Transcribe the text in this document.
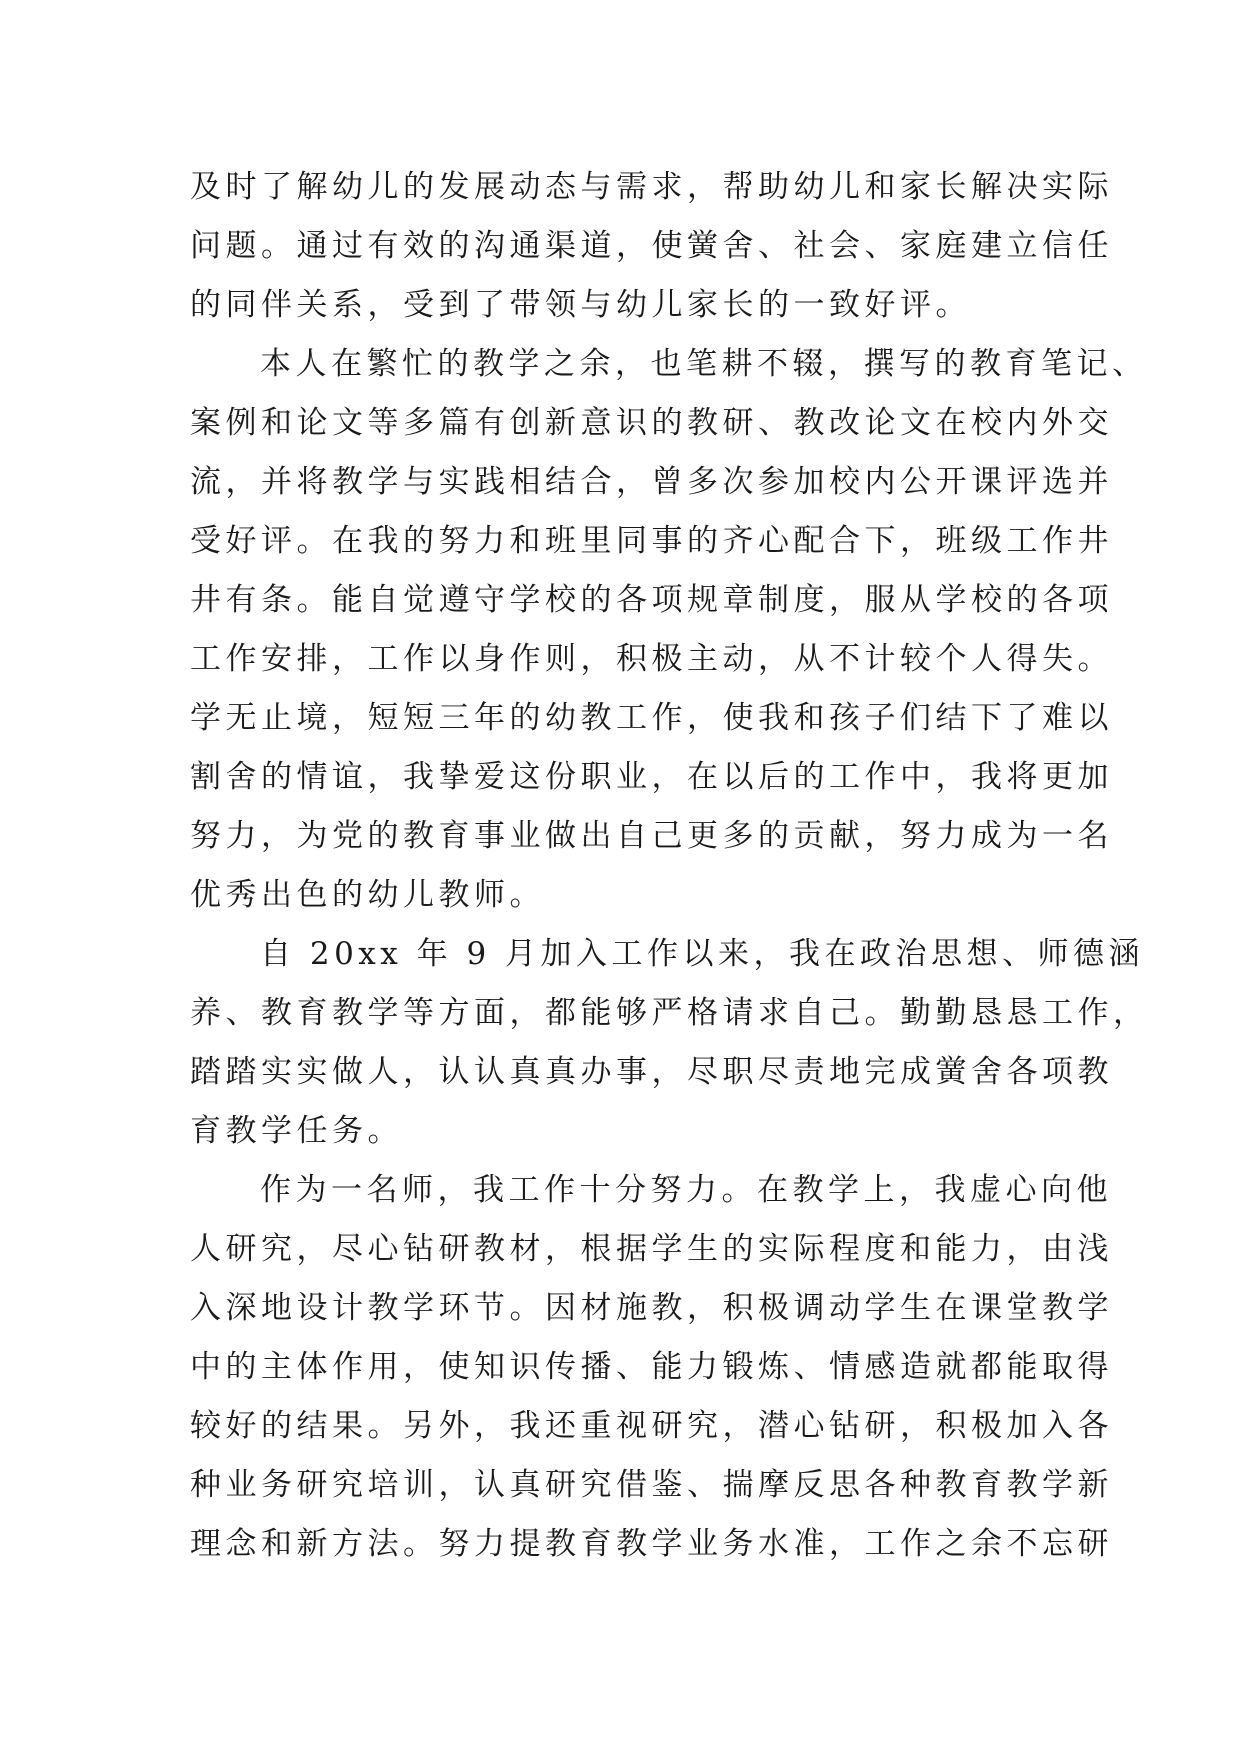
及时了解幼儿的发展动态与需求，帮助幼儿和家长解决实际
问题。通过有效的沟通渠道，使黉舍、社会、家庭建立信任
的同伴关系，受到了带领与幼儿家长的一致好评。
本人在繁忙的教学之余，也笔耕不辍，撰写的教育笔记、
案例和论文等多篇有创新意识的教研、教改论文在校内外交
流，并将教学与实践相结合，曾多次参加校内公开课评选并
受好评。在我的努力和班里同事的齐心配合下，班级工作井
井有条。能自觉遵守学校的各项规章制度，服从学校的各项
工作安排，工作以身作则，积极主动，从不计较个人得失。
学无止境，短短三年的幼教工作，使我和孩子们结下了难以
割舍的情谊，我挚爱这份职业，在以后的工作中，我将更加
努力，为党的教育事业做出自己更多的贡献，努力成为一名
优秀出色的幼儿教师。
自 20xx 年 9 月加入工作以来，我在政治思想、师德涵
养、教育教学等方面，都能够严格请求自己。勤勤恳恳工作，
踏踏实实做人，认认真真办事，尽职尽责地完成黉舍各项教
育教学任务。
作为一名师，我工作十分努力。在教学上，我虚心向他
人研究，尽心钻研教材，根据学生的实际程度和能力，由浅
入深地设计教学环节。因材施教，积极调动学生在课堂教学
中的主体作用，使知识传播、能力锻炼、情感造就都能取得
较好的结果。另外，我还重视研究，潜心钻研，积极加入各
种业务研究培训，认真研究借鉴、揣摩反思各种教育教学新
理念和新方法。努力提教育教学业务水准，工作之余不忘研
